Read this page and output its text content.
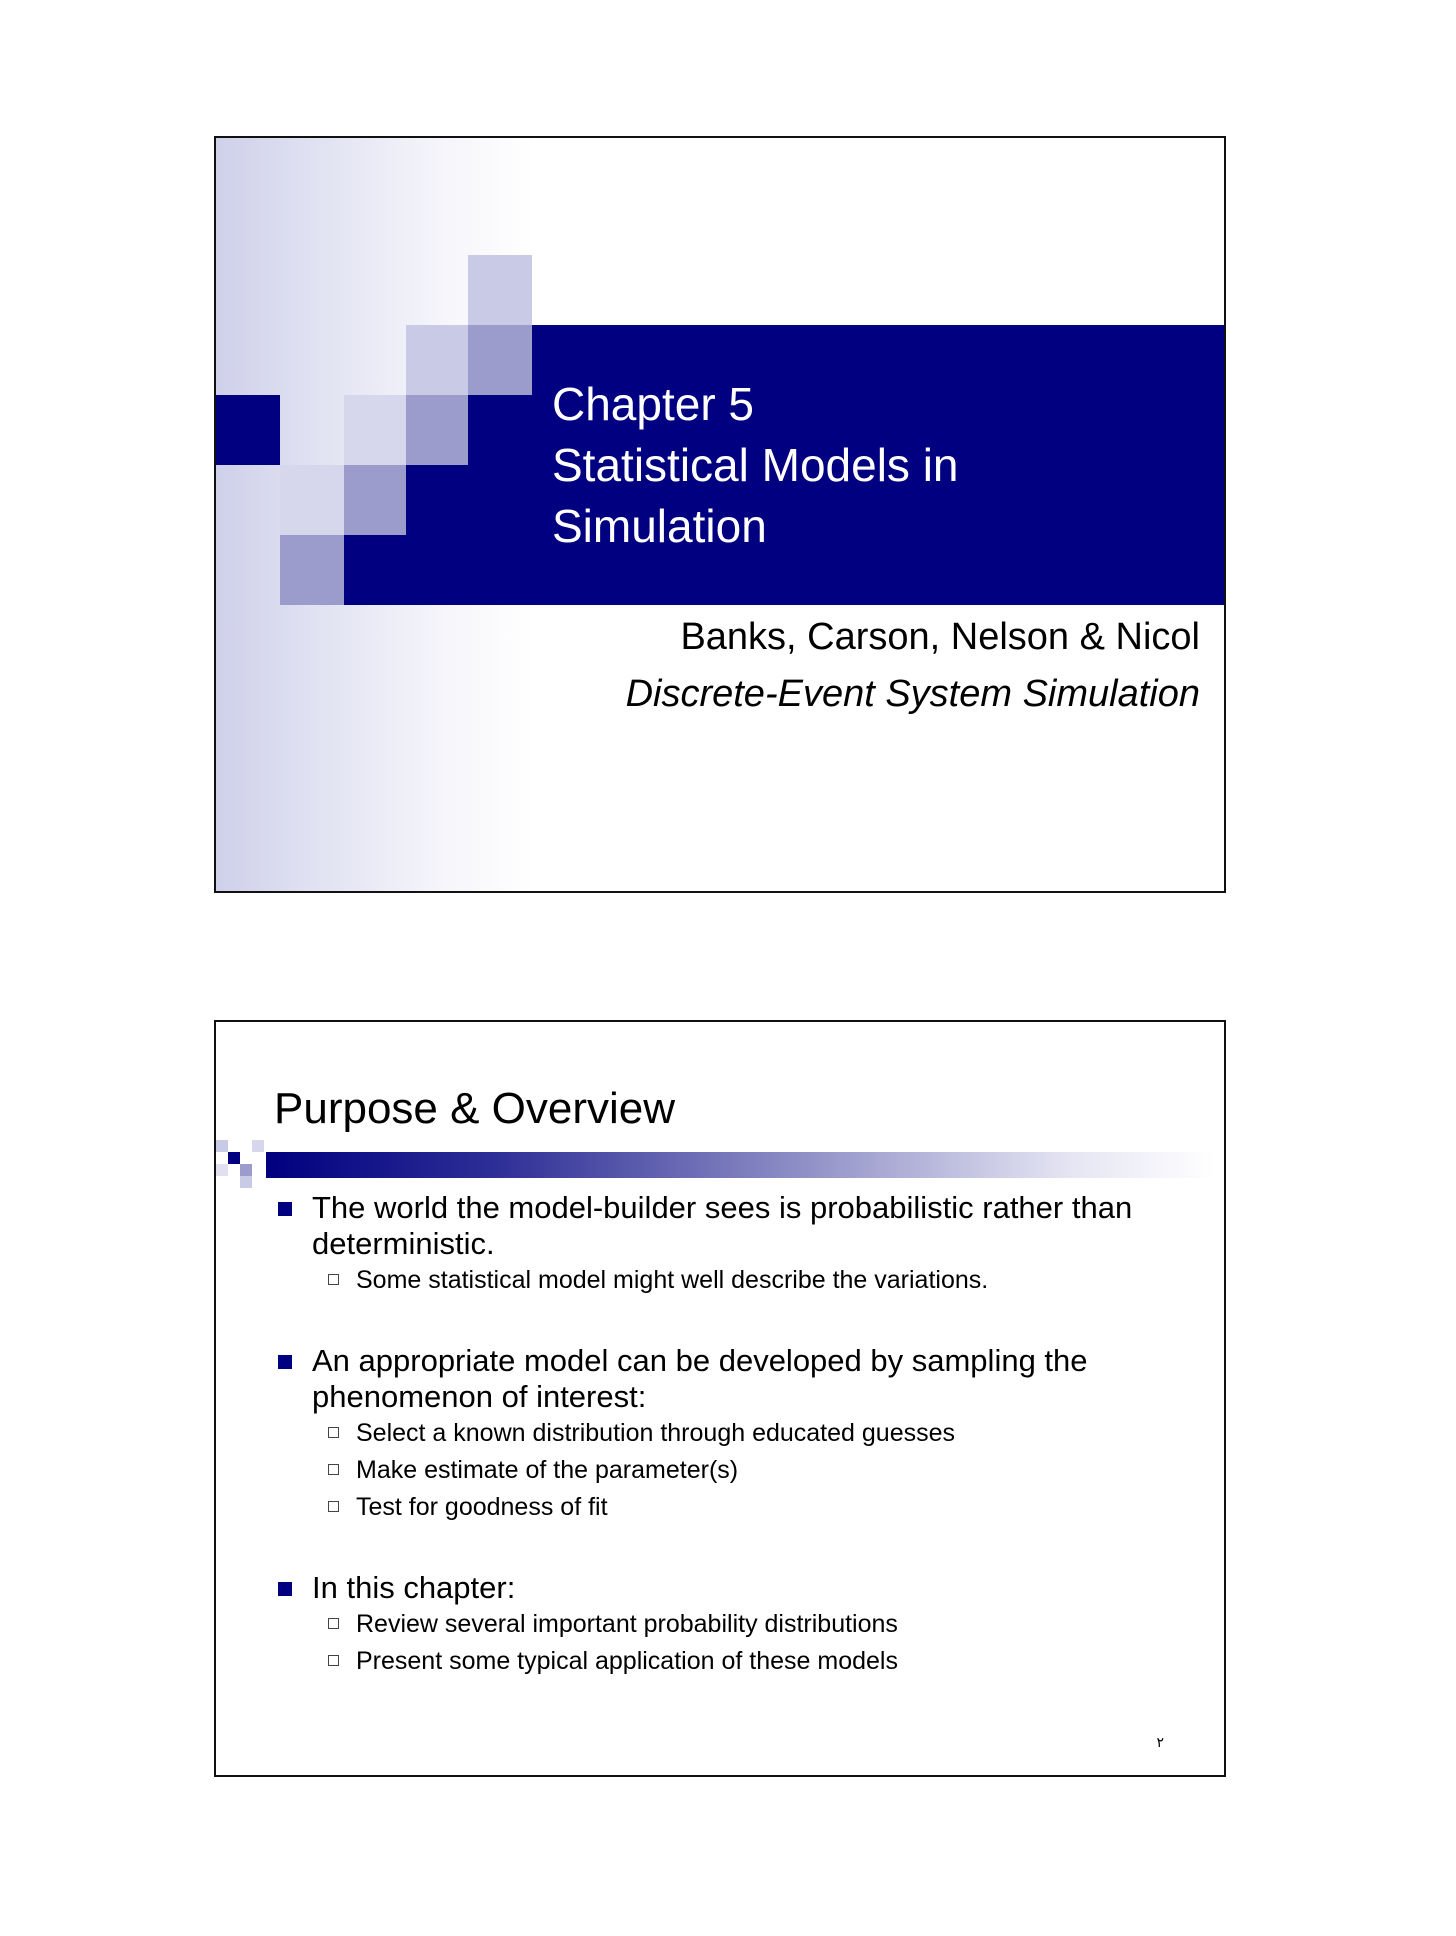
Chapter 5
Statistical Models in
Simulation
Banks, Carson, Nelson & Nicol
Discrete-Event System Simulation
Purpose & Overview
The world the model-builder sees is probabilistic rather than deterministic.
Some statistical model might well describe the variations.
An appropriate model can be developed by sampling the phenomenon of interest:
Select a known distribution through educated guesses
Make estimate of the parameter(s)
Test for goodness of fit
In this chapter:
Review several important probability distributions
Present some typical application of these models
٢
